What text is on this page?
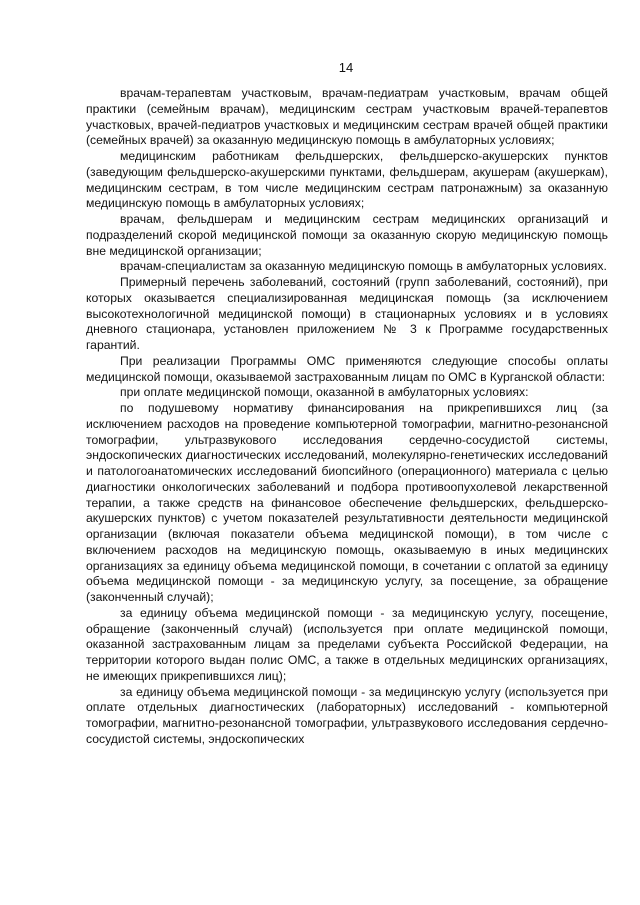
14

врачам-терапевтам участковым, врачам-педиатрам участковым, врачам общей практики (семейным врачам), медицинским сестрам участковым врачей-терапевтов участковых, врачей-педиатров участковых и медицинским сестрам врачей общей практики (семейных врачей) за оказанную медицинскую помощь в амбулаторных условиях;

медицинским работникам фельдшерских, фельдшерско-акушерских пунктов (заведующим фельдшерско-акушерскими пунктами, фельдшерам, акушерам (акушеркам), медицинским сестрам, в том числе медицинским сестрам патронажным) за оказанную медицинскую помощь в амбулаторных условиях;

врачам, фельдшерам и медицинским сестрам медицинских организаций и подразделений скорой медицинской помощи за оказанную скорую медицинскую помощь вне медицинской организации;

врачам-специалистам за оказанную медицинскую помощь в амбулаторных условиях.

Примерный перечень заболеваний, состояний (групп заболеваний, состояний), при которых оказывается специализированная медицинская помощь (за исключением высокотехнологичной медицинской помощи) в стационарных условиях и в условиях дневного стационара, установлен приложением № 3 к Программе государственных гарантий.

При реализации Программы ОМС применяются следующие способы оплаты медицинской помощи, оказываемой застрахованным лицам по ОМС в Курганской области:

при оплате медицинской помощи, оказанной в амбулаторных условиях:

по подушевому нормативу финансирования на прикрепившихся лиц (за исключением расходов на проведение компьютерной томографии, магнитно-резонансной томографии, ультразвукового исследования сердечно-сосудистой системы, эндоскопических диагностических исследований, молекулярно-генетических исследований и патологоанатомических исследований биопсийного (операционного) материала с целью диагностики онкологических заболеваний и подбора противоопухолевой лекарственной терапии, а также средств на финансовое обеспечение фельдшерских, фельдшерско-акушерских пунктов) с учетом показателей результативности деятельности медицинской организации (включая показатели объема медицинской помощи), в том числе с включением расходов на медицинскую помощь, оказываемую в иных медицинских организациях за единицу объема медицинской помощи, в сочетании с оплатой за единицу объема медицинской помощи - за медицинскую услугу, за посещение, за обращение (законченный случай);

за единицу объема медицинской помощи - за медицинскую услугу, посещение, обращение (законченный случай) (используется при оплате медицинской помощи, оказанной застрахованным лицам за пределами субъекта Российской Федерации, на территории которого выдан полис ОМС, а также в отдельных медицинских организациях, не имеющих прикрепившихся лиц);

за единицу объема медицинской помощи - за медицинскую услугу (используется при оплате отдельных диагностических (лабораторных) исследований - компьютерной томографии, магнитно-резонансной томографии, ультразвукового исследования сердечно-сосудистой системы, эндоскопических
